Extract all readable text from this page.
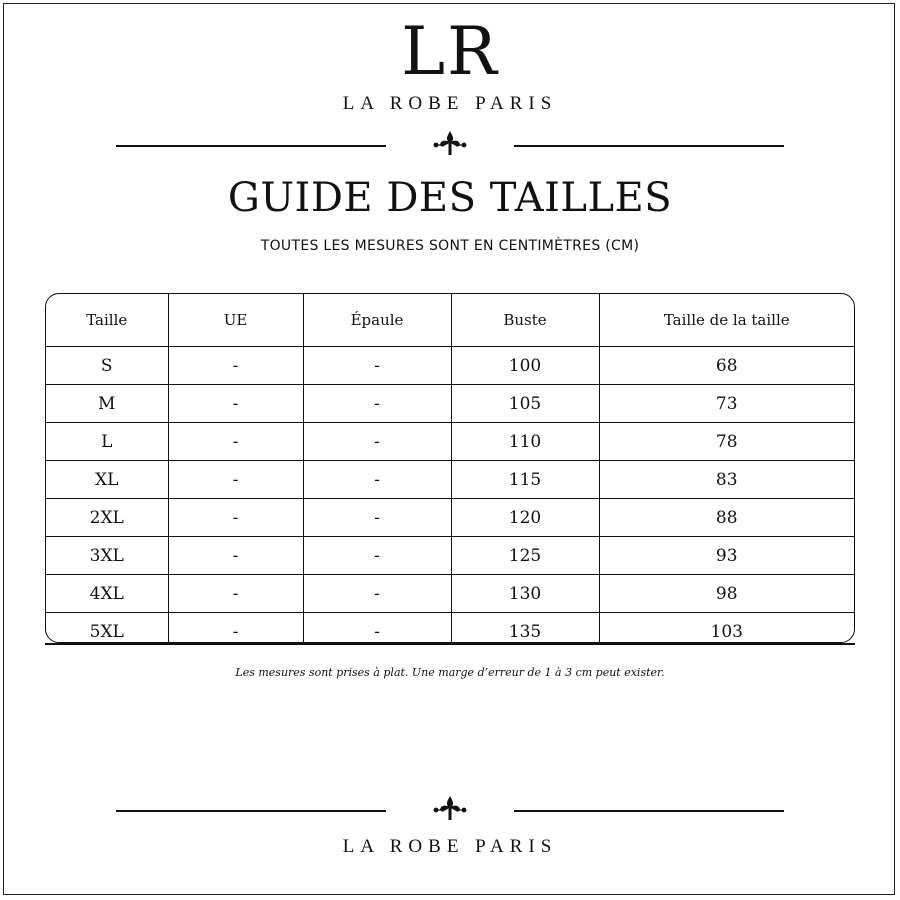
LR
LA ROBE PARIS
GUIDE DES TAILLES
TOUTES LES MESURES SONT EN CENTIMÈTRES (CM)
Taille	UE	Épaule	Buste	Taille de la taille
S	-	-	100	68
M	-	-	105	73
L	-	-	110	78
XL	-	-	115	83
2XL	-	-	120	88
3XL	-	-	125	93
4XL	-	-	130	98
5XL	-	-	135	103
Les mesures sont prises à plat. Une marge d’erreur de 1 à 3 cm peut exister.
LA ROBE PARIS
